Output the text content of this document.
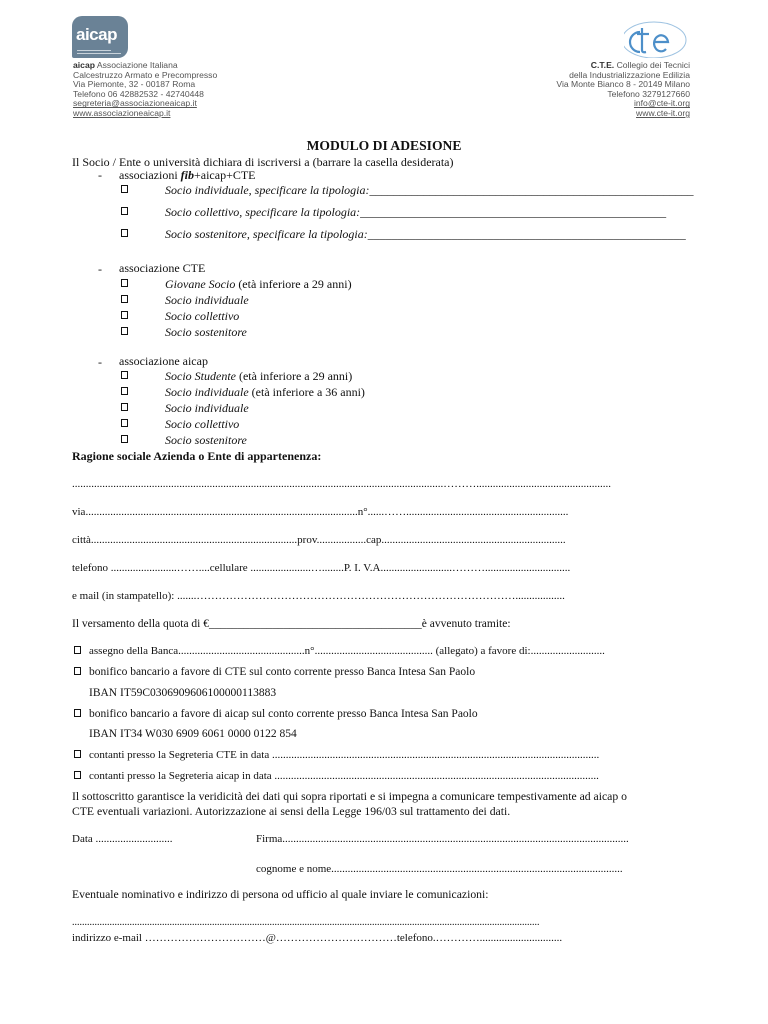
aicap
aicap Associazione Italiana
Calcestruzzo Armato e Precompresso
Via Piemonte, 32 - 00187 Roma
Telefono 06 42882532 - 42740448
segreteria@associazioneaicap.it
www.associazioneaicap.it
C.T.E. Collegio dei Tecnici
della Industrializzazione Edilizia
Via Monte Bianco 8 - 20149 Milano
Telefono 3279127660
info@cte-it.org
www.cte-it.org
MODULO DI ADESIONE
Il Socio / Ente o università dichiara di iscriversi a (barrare la casella desiderata)
- associazioni fib+aicap+CTE
Socio individuale, specificare la tipologia:______________________________________________________
Socio collettivo, specificare la tipologia:___________________________________________________
Socio sostenitore, specificare la tipologia:_____________________________________________________
- associazione CTE
Giovane Socio (età inferiore a 29 anni)
Socio individuale
Socio collettivo
Socio sostenitore
- associazione aicap
Socio Studente (età inferiore a 29 anni)
Socio individuale (età inferiore a 36 anni)
Socio individuale
Socio collettivo
Socio sostenitore
Ragione sociale Azienda o Ente di appartenenza:
.......................................................................................................................................……….................................................
via...................................................................................................n°......……...........................................................
città...........................................................................prov..................cap...................................................................
telefono ........................……....cellulare ......................…........P. I. V.A..........................………...............................
e mail (in stampatello): .......……………………………………………………………………………..................
Il versamento della quota di €_____________________________________è avvenuto tramite:
assegno della Banca..............................................n°........................................... (allegato) a favore di:...........................
bonifico bancario a favore di CTE sul conto corrente presso Banca Intesa San Paolo
IBAN IT59C0306909606100000113883
bonifico bancario a favore di aicap sul conto corrente presso Banca Intesa San Paolo
IBAN IT34 W030 6909 6061 0000 0122 854
contanti presso la Segreteria CTE in data .......................................................................................................................
contanti presso la Segreteria aicap in data ......................................................................................................................
Il sottoscritto garantisce la veridicità dei dati qui sopra riportati e si impegna a comunicare tempestivamente ad aicap o
CTE eventuali variazioni. Autorizzazione ai sensi della Legge 196/03 sul trattamento dei dati.
Data ............................	Firma..............................................................................................................................
cognome e nome..........................................................................................................
Eventuale nominativo e indirizzo di persona od ufficio al quale inviare le comunicazioni:
...........................................................................................................................................................................................
indirizzo e-mail ……………………………@……………………………telefono.…………..............................
